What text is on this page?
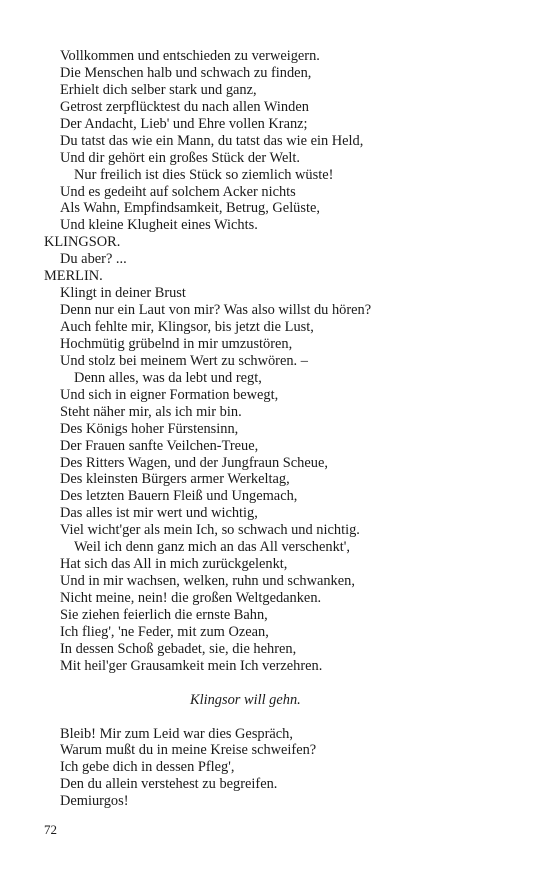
Vollkommen und entschieden zu verweigern.
Die Menschen halb und schwach zu finden,
Erhielt dich selber stark und ganz,
Getrost zerpflücktest du nach allen Winden
Der Andacht, Lieb' und Ehre vollen Kranz;
Du tatst das wie ein Mann, du tatst das wie ein Held,
Und dir gehört ein großes Stück der Welt.
Nur freilich ist dies Stück so ziemlich wüste!
Und es gedeiht auf solchem Acker nichts
Als Wahn, Empfindsamkeit, Betrug, Gelüste,
Und kleine Klugheit eines Wichts.
KLINGSOR.
Du aber? ...
MERLIN.
Klingt in deiner Brust
Denn nur ein Laut von mir? Was also willst du hören?
Auch fehlte mir, Klingsor, bis jetzt die Lust,
Hochmütig grübelnd in mir umzustören,
Und stolz bei meinem Wert zu schwören. –
Denn alles, was da lebt und regt,
Und sich in eigner Formation bewegt,
Steht näher mir, als ich mir bin.
Des Königs hoher Fürstensinn,
Der Frauen sanfte Veilchen-Treue,
Des Ritters Wagen, und der Jungfraun Scheue,
Des kleinsten Bürgers armer Werkeltag,
Des letzten Bauern Fleiß und Ungemach,
Das alles ist mir wert und wichtig,
Viel wicht'ger als mein Ich, so schwach und nichtig.
Weil ich denn ganz mich an das All verschenkt',
Hat sich das All in mich zurückgelenkt,
Und in mir wachsen, welken, ruhn und schwanken,
Nicht meine, nein! die großen Weltgedanken.
Sie ziehen feierlich die ernste Bahn,
Ich flieg', 'ne Feder, mit zum Ozean,
In dessen Schoß gebadet, sie, die hehren,
Mit heil'ger Grausamkeit mein Ich verzehren.
Klingsor will gehn.
Bleib! Mir zum Leid war dies Gespräch,
Warum mußt du in meine Kreise schweifen?
Ich gebe dich in dessen Pfleg',
Den du allein verstehest zu begreifen.
Demiurgos!
72
